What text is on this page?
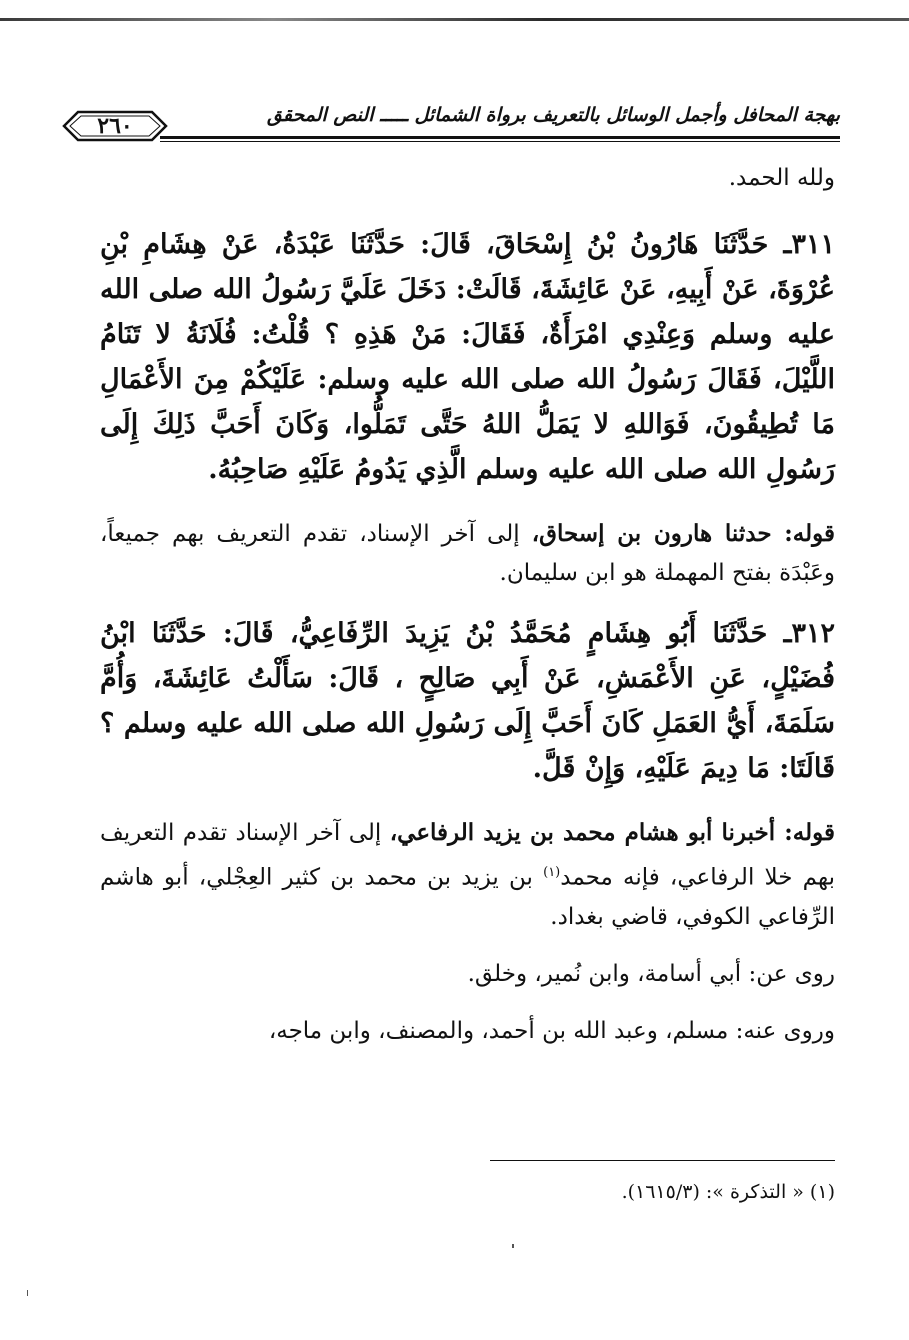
٢٦٠	بهجة المحافل وأجمل الوسائل بالتعريف برواة الشمائل ـــــ النص المحقق

ولله الحمد.

٣١١ـ حَدَّثَنَا هَارُونُ بْنُ إِسْحَاقَ، قَالَ: حَدَّثَنَا عَبْدَةُ، عَنْ هِشَامِ بْنِ عُرْوَةَ، عَنْ أَبِيهِ، عَنْ عَائِشَةَ، قَالَتْ: دَخَلَ عَلَيَّ رَسُولُ الله صلى الله عليه وسلم وَعِنْدِي امْرَأَةٌ، فَقَالَ: مَنْ هَذِهِ ؟ قُلْتُ: فُلَانَةُ لا تَنَامُ اللَّيْلَ، فَقَالَ رَسُولُ الله صلى الله عليه وسلم: عَلَيْكُمْ مِنَ الأَعْمَالِ مَا تُطِيقُونَ، فَوَاللهِ لا يَمَلُّ اللهُ حَتَّى تَمَلُّوا، وَكَانَ أَحَبَّ ذَلِكَ إِلَى رَسُولِ الله صلى الله عليه وسلم الَّذِي يَدُومُ عَلَيْهِ صَاحِبُهُ.

قوله: حدثنا هارون بن إسحاق، إلى آخر الإسناد، تقدم التعريف بهم جميعاً، وعَبْدَة بفتح المهملة هو ابن سليمان.

٣١٢ـ حَدَّثَنَا أَبُو هِشَامٍ مُحَمَّدُ بْنُ يَزِيدَ الرِّفَاعِيُّ، قَالَ: حَدَّثَنَا ابْنُ فُضَيْلٍ، عَنِ الأَعْمَشِ، عَنْ أَبِي صَالِحٍ ، قَالَ: سَأَلْتُ عَائِشَةَ، وَأُمَّ سَلَمَةَ، أَيُّ العَمَلِ كَانَ أَحَبَّ إِلَى رَسُولِ الله صلى الله عليه وسلم ؟ قَالَتَا: مَا دِيمَ عَلَيْهِ، وَإِنْ قَلَّ.

قوله: أخبرنا أبو هشام محمد بن يزيد الرفاعي، إلى آخر الإسناد تقدم التعريف بهم خلا الرفاعي، فإنه محمد$^{(١)}$ بن يزيد بن محمد بن كثير العِجْلي، أبو هاشم الرِّفاعي الكوفي، قاضي بغداد.

روى عن: أبي أسامة، وابن نُمير، وخلق.

وروى عنه: مسلم، وعبد الله بن أحمد، والمصنف، وابن ماجه،

(١) « التذكرة »: (١٦١٥/٣).
